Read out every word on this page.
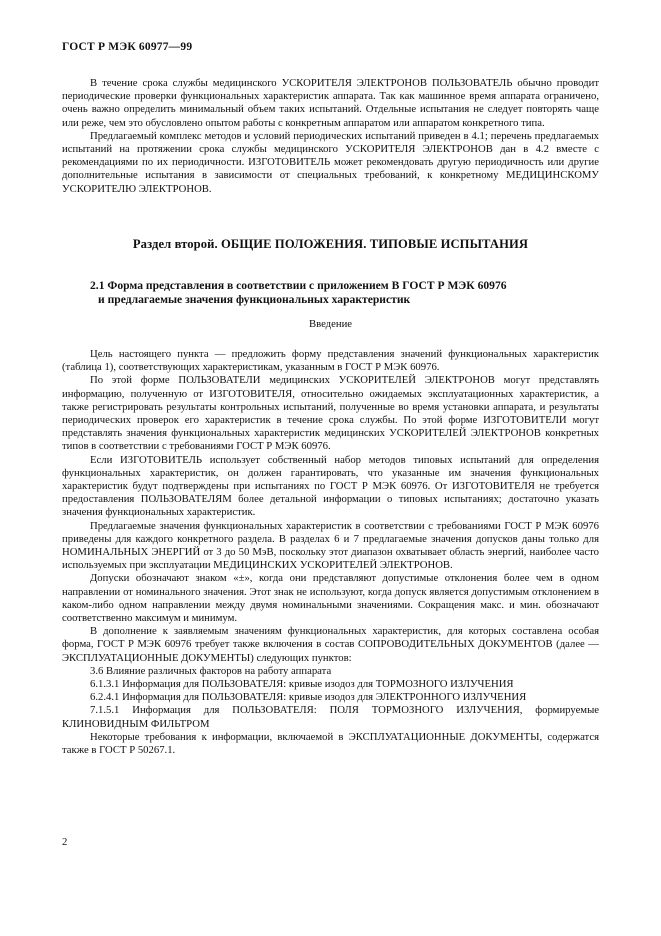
ГОСТ Р МЭК 60977—99

В течение срока службы медицинского УСКОРИТЕЛЯ ЭЛЕКТРОНОВ ПОЛЬЗОВАТЕЛЬ обычно проводит периодические проверки функциональных характеристик аппарата. Так как машинное время аппарата ограничено, очень важно определить минимальный объем таких испытаний. Отдельные испытания не следует повторять чаще или реже, чем это обусловлено опытом работы с конкретным аппаратом или аппаратом конкретного типа.

Предлагаемый комплекс методов и условий периодических испытаний приведен в 4.1; перечень предлагаемых испытаний на протяжении срока службы медицинского УСКОРИТЕЛЯ ЭЛЕКТРОНОВ дан в 4.2 вместе с рекомендациями по их периодичности. ИЗГОТОВИТЕЛЬ может рекомендовать другую периодичность или другие дополнительные испытания в зависимости от специальных требований, к конкретному МЕДИЦИНСКОМУ УСКОРИТЕЛЮ ЭЛЕКТРОНОВ.

Раздел второй. ОБЩИЕ ПОЛОЖЕНИЯ. ТИПОВЫЕ ИСПЫТАНИЯ
2.1 Форма представления в соответствии с приложением В ГОСТ Р МЭК 60976
и предлагаемые значения функциональных характеристик
Введение

Цель настоящего пункта — предложить форму представления значений функциональных характеристик (таблица 1), соответствующих характеристикам, указанным в ГОСТ Р МЭК 60976.

По этой форме ПОЛЬЗОВАТЕЛИ медицинских УСКОРИТЕЛЕЙ ЭЛЕКТРОНОВ могут представлять информацию, полученную от ИЗГОТОВИТЕЛЯ, относительно ожидаемых эксплуатационных характеристик, а также регистрировать результаты контрольных испытаний, полученные во время установки аппарата, и результаты периодических проверок его характеристик в течение срока службы. По этой форме ИЗГОТОВИТЕЛИ могут представлять значения функциональных характеристик медицинских УСКОРИТЕЛЕЙ ЭЛЕКТРОНОВ конкретных типов в соответствии с требованиями ГОСТ Р МЭК 60976.

Если ИЗГОТОВИТЕЛЬ использует собственный набор методов типовых испытаний для определения функциональных характеристик, он должен гарантировать, что указанные им значения функциональных характеристик будут подтверждены при испытаниях по ГОСТ Р МЭК 60976. От ИЗГОТОВИТЕЛЯ не требуется предоставления ПОЛЬЗОВАТЕЛЯМ более детальной информации о типовых испытаниях; достаточно указать значения функциональных характеристик.

Предлагаемые значения функциональных характеристик в соответствии с требованиями ГОСТ Р МЭК 60976 приведены для каждого конкретного раздела. В разделах 6 и 7 предлагаемые значения допусков даны только для НОМИНАЛЬНЫХ ЭНЕРГИЙ от 3 до 50 МэВ, поскольку этот диапазон охватывает область энергий, наиболее часто используемых при эксплуатации МЕДИЦИНСКИХ УСКОРИТЕЛЕЙ ЭЛЕКТРОНОВ.

Допуски обозначают знаком «±», когда они представляют допустимые отклонения более чем в одном направлении от номинального значения. Этот знак не используют, когда допуск является допустимым отклонением в каком-либо одном направлении между двумя номинальными значениями. Сокращения макс. и мин. обозначают соответственно максимум и минимум.

В дополнение к заявляемым значениям функциональных характеристик, для которых составлена особая форма, ГОСТ Р МЭК 60976 требует также включения в состав СОПРОВОДИТЕЛЬНЫХ ДОКУМЕНТОВ (далее — ЭКСПЛУАТАЦИОННЫЕ ДОКУМЕНТЫ) следующих пунктов:

3.6 Влияние различных факторов на работу аппарата

6.1.3.1 Информация для ПОЛЬЗОВАТЕЛЯ: кривые изодоз для ТОРМОЗНОГО ИЗЛУЧЕНИЯ

6.2.4.1 Информация для ПОЛЬЗОВАТЕЛЯ: кривые изодоз для ЭЛЕКТРОННОГО ИЗЛУЧЕНИЯ

7.1.5.1 Информация для ПОЛЬЗОВАТЕЛЯ: ПОЛЯ ТОРМОЗНОГО ИЗЛУЧЕНИЯ, формируемые КЛИНОВИДНЫМ ФИЛЬТРОМ

Некоторые требования к информации, включаемой в ЭКСПЛУАТАЦИОННЫЕ ДОКУМЕНТЫ, содержатся также в ГОСТ Р 50267.1.

2
